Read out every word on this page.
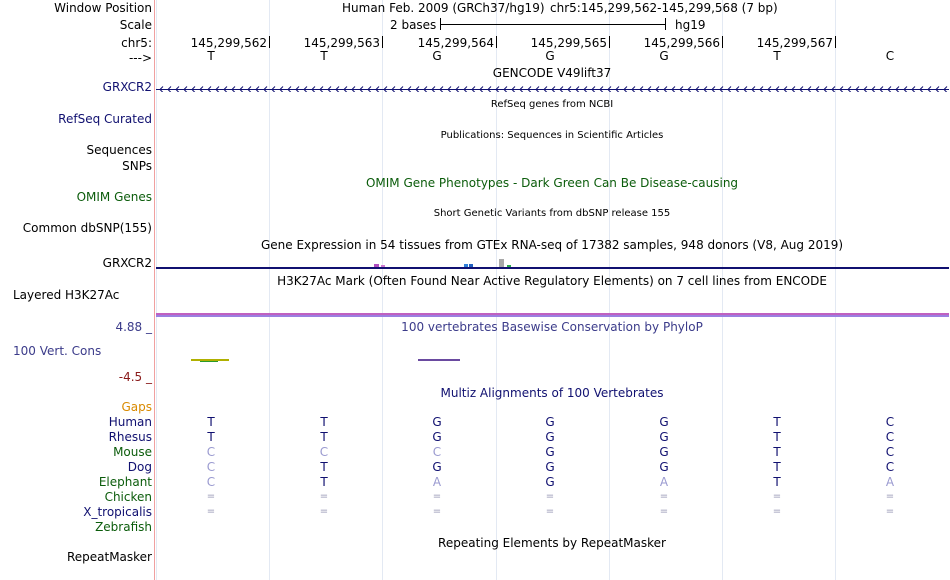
Window Position	Human Feb. 2009 (GRCh37/hg19) chr5:145,299,562-145,299,568 (7 bp)
Scale	2 bases	hg19
chr5:
--->
145,299,562	145,299,563	145,299,564	145,299,565	145,299,566	145,299,567
T	T	G	G	G	T	C
GENCODE V49lift37
GRXCR2
RefSeq genes from NCBI
RefSeq Curated
Publications: Sequences in Scientific Articles
Sequences
SNPs
OMIM Gene Phenotypes - Dark Green Can Be Disease-causing
OMIM Genes
Short Genetic Variants from dbSNP release 155
Common dbSNP(155)
Gene Expression in 54 tissues from GTEx RNA-seq of 17382 samples, 948 donors (V8, Aug 2019)
GRXCR2
H3K27Ac Mark (Often Found Near Active Regulatory Elements) on 7 cell lines from ENCODE
Layered H3K27Ac
4.88 _	100 vertebrates Basewise Conservation by PhyloP
100 Vert. Cons
-4.5 _
Multiz Alignments of 100 Vertebrates
Gaps
Human	T	T	G	G	G	T	C
Rhesus	T	T	G	G	G	T	C
Mouse	C	C	C	G	G	T	C
Dog	C	T	G	G	G	T	C
Elephant	C	T	A	G	A	T	A
Chicken	=	=	=	=	=	=	=
X_tropicalis	=	=	=	=	=	=	=
Zebrafish
Repeating Elements by RepeatMasker
RepeatMasker
